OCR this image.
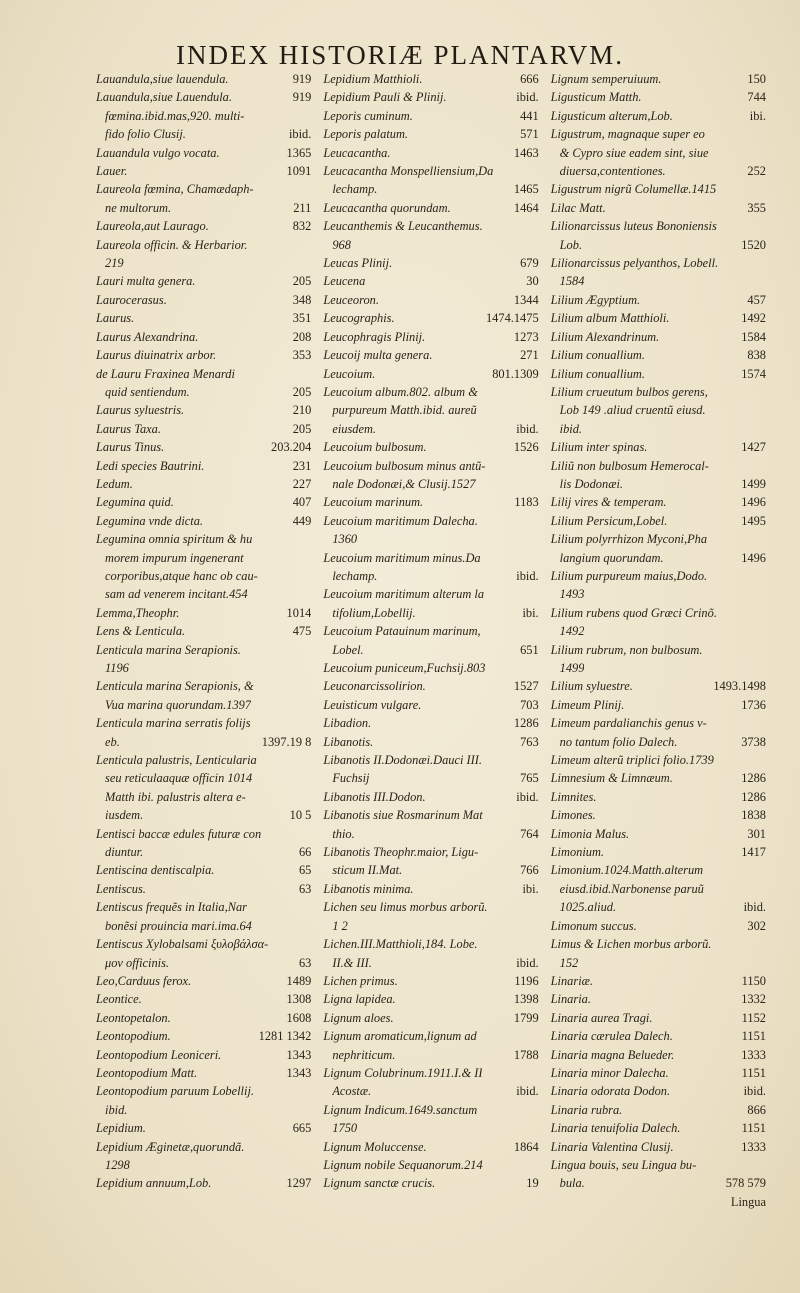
INDEX HISTORIÆ PLANTARVM.
Lauandula,siue lauendula.	919
Lauandula,siue Lauendula.	919
fœmina.ibid.mas,920. multi-
fido folio Clusij.	ibid.
Lauandula vulgo vocata.	1365
Lauer.	1091
Laureola fœmina, Chamædaph-
ne multorum.	211
Laureola,aut Laurago.	832
Laureola officin. & Herbarior.
219
Lauri multa genera.	205
Laurocerasus.	348
Laurus.	351
Laurus Alexandrina.	208
Laurus diuinatrix arbor.	353
de Lauru Fraxinea Menardi
quid sentiendum.	205
Laurus syluestris.	210
Laurus Taxa.	205
Laurus Tinus.	203.204
Ledi species Bautrini.	231
Ledum.	227
Legumina quid.	407
Legumina vnde dicta.	449
Legumina omnia spiritum & hu
morem impurum ingenerant
corporibus,atque hanc ob cau-
sam ad venerem incitant.454
Lemma,Theophr.	1014
Lens & Lenticula.	475
Lenticula marina Serapionis.
1196
Lenticula marina Serapionis, &
Vua marina quorundam.1397
Lenticula marina serratis folijs
eb.	1397.19 8
Lenticula palustris, Lenticularia
seu reticulaaquæ officin 1014
Matth ibi. palustris altera e-
iusdem.	10 5
Lentisci baccæ edules futuræ con
diuntur.	66
Lentiscina dentiscalpia.	65
Lentiscus.	63
Lentiscus frequẽs in Italia,Nar
bonẽsi prouincia mari.ima.64
Lentiscus Xylobalsami ξυλοβάλσα-
μον officinis.	63
Leo,Carduus ferox.	1489
Leontice.	1308
Leontopetalon.	1608
Leontopodium.	1281 1342
Leontopodium Leoniceri.	1343
Leontopodium Matt.	1343
Leontopodium paruum Lobellij.
ibid.
Lepidium.	665
Lepidium Æginetæ,quorundã.
1298
Lepidium annuum,Lob.	1297
Lepidium Matthioli.	666
Lepidium Pauli & Plinij.	ibid.
Leporis cuminum.	441
Leporis palatum.	571
Leucacantha.	1463
Leucacantha Monspelliensium,Da
lechamp.	1465
Leucacantha quorundam.	1464
Leucanthemis & Leucanthemus.
968
Leucas Plinij.	679
Leucena	30
Leuceoron.	1344
Leucographis.	1474.1475
Leucophragis Plinij.	1273
Leucoij multa genera.	271
Leucoium.	801.1309
Leucoium album.802. album &
purpureum Matth.ibid. aureũ
eiusdem.	ibid.
Leucoium bulbosum.	1526
Leucoium bulbosum minus antũ-
nale Dodonæi,& Clusij.1527
Leucoium marinum.	1183
Leucoium maritimum Dalecha.
1360
Leucoium maritimum minus.Da
lechamp.	ibid.
Leucoium maritimum alterum la
tifolium,Lobellij.	ibi.
Leucoium Patauinum marinum,
Lobel.	651
Leucoium puniceum,Fuchsij.803
Leuconarcissolirion.	1527
Leuisticum vulgare.	703
Libadion.	1286
Libanotis.	763
Libanotis II.Dodonæi.Dauci III.
Fuchsij	765
Libanotis III.Dodon.	ibid.
Libanotis siue Rosmarinum Mat
thio.	764
Libanotis Theophr.maior, Ligu-
sticum II.Mat.	766
Libanotis minima.	ibi.
Lichen seu limus morbus arborũ.
1 2
Lichen.III.Matthioli,184. Lobe.
II.& III.	ibid.
Lichen primus.	1196
Ligna lapidea.	1398
Lignum aloes.	1799
Lignum aromaticum,lignum ad
nephriticum.	1788
Lignum Colubrinum.1911.I.& II
Acostæ.	ibid.
Lignum Indicum.1649.sanctum
1750
Lignum Moluccense.	1864
Lignum nobile Sequanorum.214
Lignum sanctæ crucis.	19
Lignum semperuiuum.	150
Ligusticum Matth.	744
Ligusticum alterum,Lob.	ibi.
Ligustrum, magnaque super eo
& Cypro siue eadem sint, siue
diuersa,contentiones.	252
Ligustrum nigrũ Columellæ.1415
Lilac Matt.	355
Lilionarcissus luteus Bononiensis
Lob.	1520
Lilionarcissus pelyanthos, Lobell.
1584
Lilium Ægyptium.	457
Lilium album Matthioli.	1492
Lilium Alexandrinum.	1584
Lilium conuallium.	838
Lilium conuallium.	1574
Lilium crueutum bulbos gerens,
Lob 149 .aliud cruentũ eiusd.
ibid.
Lilium inter spinas.	1427
Liliũ non bulbosum Hemerocal-
lis Dodonæi.	1499
Lilij vires & temperam.	1496
Lilium Persicum,Lobel.	1495
Lilium polyrrhizon Myconi,Pha
langium quorundam.	1496
Lilium purpureum maius,Dodo.
1493
Lilium rubens quod Græci Crinõ.
1492
Lilium rubrum, non bulbosum.
1499
Lilium syluestre.	1493.1498
Limeum Plinij.	1736
Limeum pardalianchis genus v-
no tantum folio Dalech.	3738
Limeum alterũ triplici folio.1739
Limnesium & Limnæum.	1286
Limnites.	1286
Limones.	1838
Limonia Malus.	301
Limonium.	1417
Limonium.1024.Matth.alterum
eiusd.ibid.Narbonense paruũ
1025.aliud.	ibid.
Limonum succus.	302
Limus & Lichen morbus arborũ.
152
Linariæ.	1150
Linaria.	1332
Linaria aurea Tragi.	1152
Linaria cærulea Dalech.	1151
Linaria magna Belueder.	1333
Linaria minor Dalecha.	1151
Linaria odorata Dodon.	ibid.
Linaria rubra.	866
Linaria tenuifolia Dalech.	1151
Linaria Valentina Clusij.	1333
Lingua bouis, seu Lingua bu-
bula.	578 579
Lingua
